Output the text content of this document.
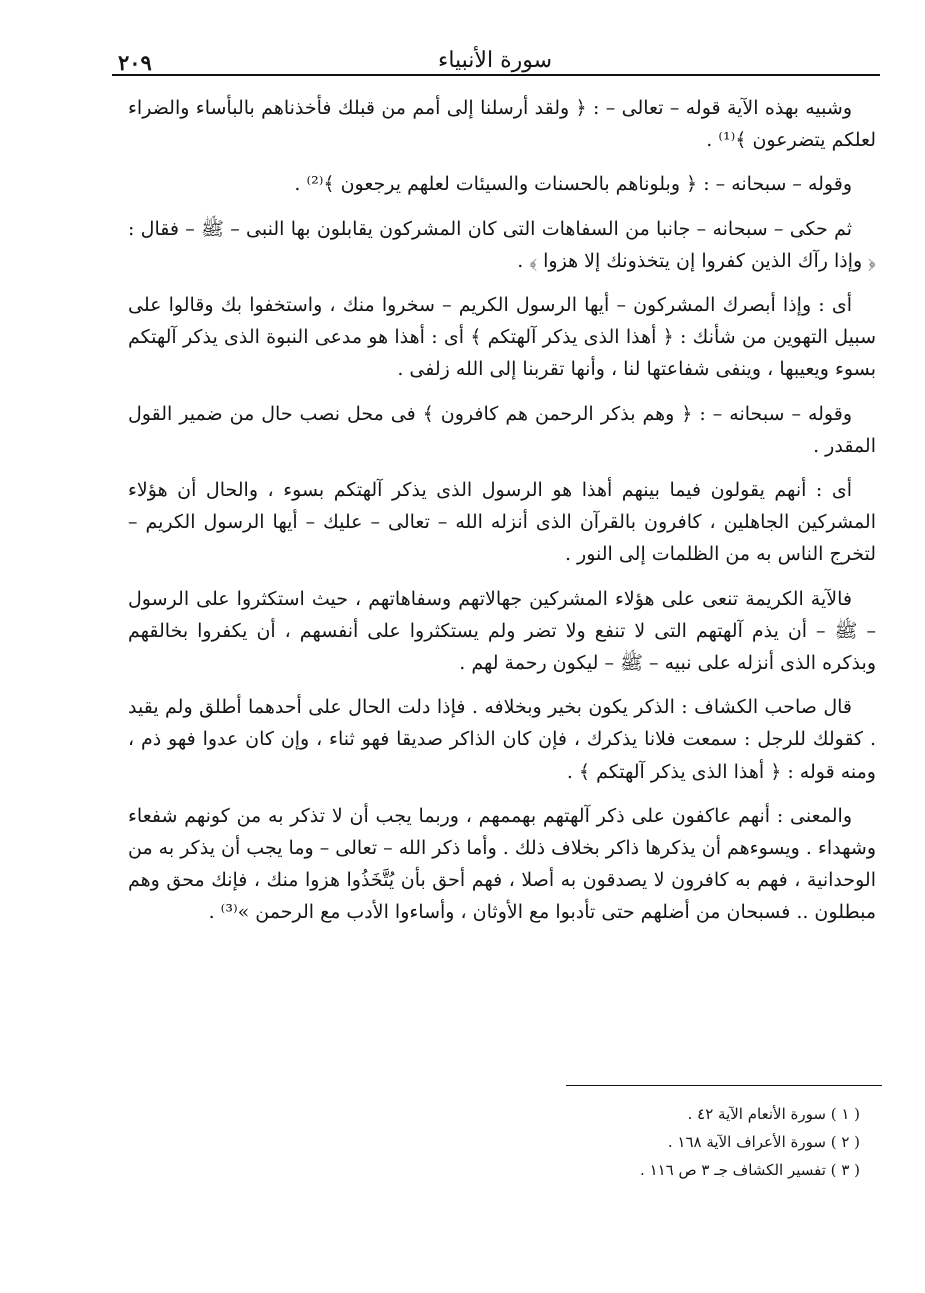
٢٠٩	سورة الأنبياء

وشبيه بهذه الآية قوله – تعالى – : ﴿ ولقد أرسلنا إلى أمم من قبلك فأخذناهم بالبأساء والضراء لعلكم يتضرعون ﴾⁽¹⁾ .

وقوله – سبحانه – : ﴿ وبلوناهم بالحسنات والسيئات لعلهم يرجعون ﴾⁽²⁾ .

ثم حكى – سبحانه – جانبا من السفاهات التى كان المشركون يقابلون بها النبى – ﷺ – فقال : ﴿ وإذا رآك الذين كفروا إن يتخذونك إلا هزوا ﴾ .

أى : وإذا أبصرك المشركون – أيها الرسول الكريم – سخروا منك ، واستخفوا بك وقالوا على سبيل التهوين من شأنك : ﴿ أهذا الذى يذكر آلهتكم ﴾ أى : أهذا هو مدعى النبوة الذى يذكر آلهتكم بسوء ويعيبها ، وينفى شفاعتها لنا ، وأنها تقربنا إلى الله زلفى .

وقوله – سبحانه – : ﴿ وهم بذكر الرحمن هم كافرون ﴾ فى محل نصب حال من ضمير القول المقدر .

أى : أنهم يقولون فيما بينهم أهذا هو الرسول الذى يذكر آلهتكم بسوء ، والحال أن هؤلاء المشركين الجاهلين ، كافرون بالقرآن الذى أنزله الله – تعالى – عليك – أيها الرسول الكريم – لتخرج الناس به من الظلمات إلى النور .

فالآية الكريمة تنعى على هؤلاء المشركين جهالاتهم وسفاهاتهم ، حيث استكثروا على الرسول – ﷺ – أن يذم آلهتهم التى لا تنفع ولا تضر ولم يستكثروا على أنفسهم ، أن يكفروا بخالقهم وبذكره الذى أنزله على نبيه – ﷺ – ليكون رحمة لهم .

قال صاحب الكشاف : الذكر يكون بخير وبخلافه . فإذا دلت الحال على أحدهما أطلق ولم يقيد . كقولك للرجل : سمعت فلانا يذكرك ، فإن كان الذاكر صديقا فهو ثناء ، وإن كان عدوا فهو ذم ، ومنه قوله : ﴿ أهذا الذى يذكر آلهتكم ﴾ .

والمعنى : أنهم عاكفون على ذكر آلهتهم بهممهم ، وربما يجب أن لا تذكر به من كونهم شفعاء وشهداء . ويسوءهم أن يذكرها ذاكر بخلاف ذلك . وأما ذكر الله – تعالى – وما يجب أن يذكر به من الوحدانية ، فهم به كافرون لا يصدقون به أصلا ، فهم أحق بأن يُتَّخَذُوا هزوا منك ، فإنك محق وهم مبطلون .. فسبحان من أضلهم حتى تأدبوا مع الأوثان ، وأساءوا الأدب مع الرحمن »⁽³⁾ .

( ١ ) سورة الأنعام الآية ٤٢ .

( ٢ ) سورة الأعراف الآية ١٦٨ .

( ٣ ) تفسير الكشاف جـ ٣ ص ١١٦ .
